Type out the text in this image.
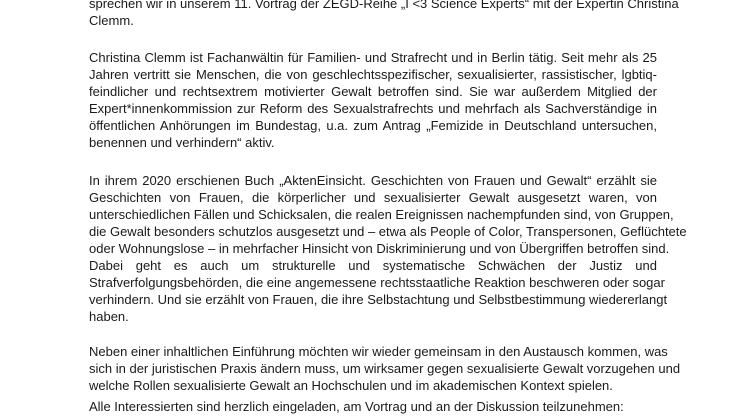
sprechen wir in unserem 11. Vortrag der ZEGD-Reihe „I <3 Science Experts“ mit der Expertin Christina
Clemm.

Christina Clemm ist Fachanwältin für Familien- und Strafrecht und in Berlin tätig. Seit mehr als 25
Jahren vertritt sie Menschen, die von geschlechtsspezifischer, sexualisierter, rassistischer, lgbtiq-
feindlicher und rechtsextrem motivierter Gewalt betroffen sind. Sie war außerdem Mitglied der
Expert*innenkommission zur Reform des Sexualstrafrechts und mehrfach als Sachverständige in
öffentlichen Anhörungen im Bundestag, u.a. zum Antrag „Femizide in Deutschland untersuchen,
benennen und verhindern“ aktiv.

In ihrem 2020 erschienen Buch „AktenEinsicht. Geschichten von Frauen und Gewalt“ erzählt sie
Geschichten von Frauen, die körperlicher und sexualisierter Gewalt ausgesetzt waren, von
unterschiedlichen Fällen und Schicksalen, die realen Ereignissen nachempfunden sind, von Gruppen,
die Gewalt besonders schutzlos ausgesetzt und – etwa als People of Color, Transpersonen, Geflüchtete
oder Wohnungslose – in mehrfacher Hinsicht von Diskriminierung und von Übergriffen betroffen sind.
Dabei geht es auch um strukturelle und systematische Schwächen der Justiz und
Strafverfolgungsbehörden, die eine angemessene rechtsstaatliche Reaktion beschweren oder sogar
verhindern. Und sie erzählt von Frauen, die ihre Selbstachtung und Selbstbestimmung wiedererlangt
haben.

Neben einer inhaltlichen Einführung möchten wir wieder gemeinsam in den Austausch kommen, was
sich in der juristischen Praxis ändern muss, um wirksamer gegen sexualisierte Gewalt vorzugehen und
welche Rollen sexualisierte Gewalt an Hochschulen und im akademischen Kontext spielen.

Alle Interessierten sind herzlich eingeladen, am Vortrag und an der Diskussion teilzunehmen:
